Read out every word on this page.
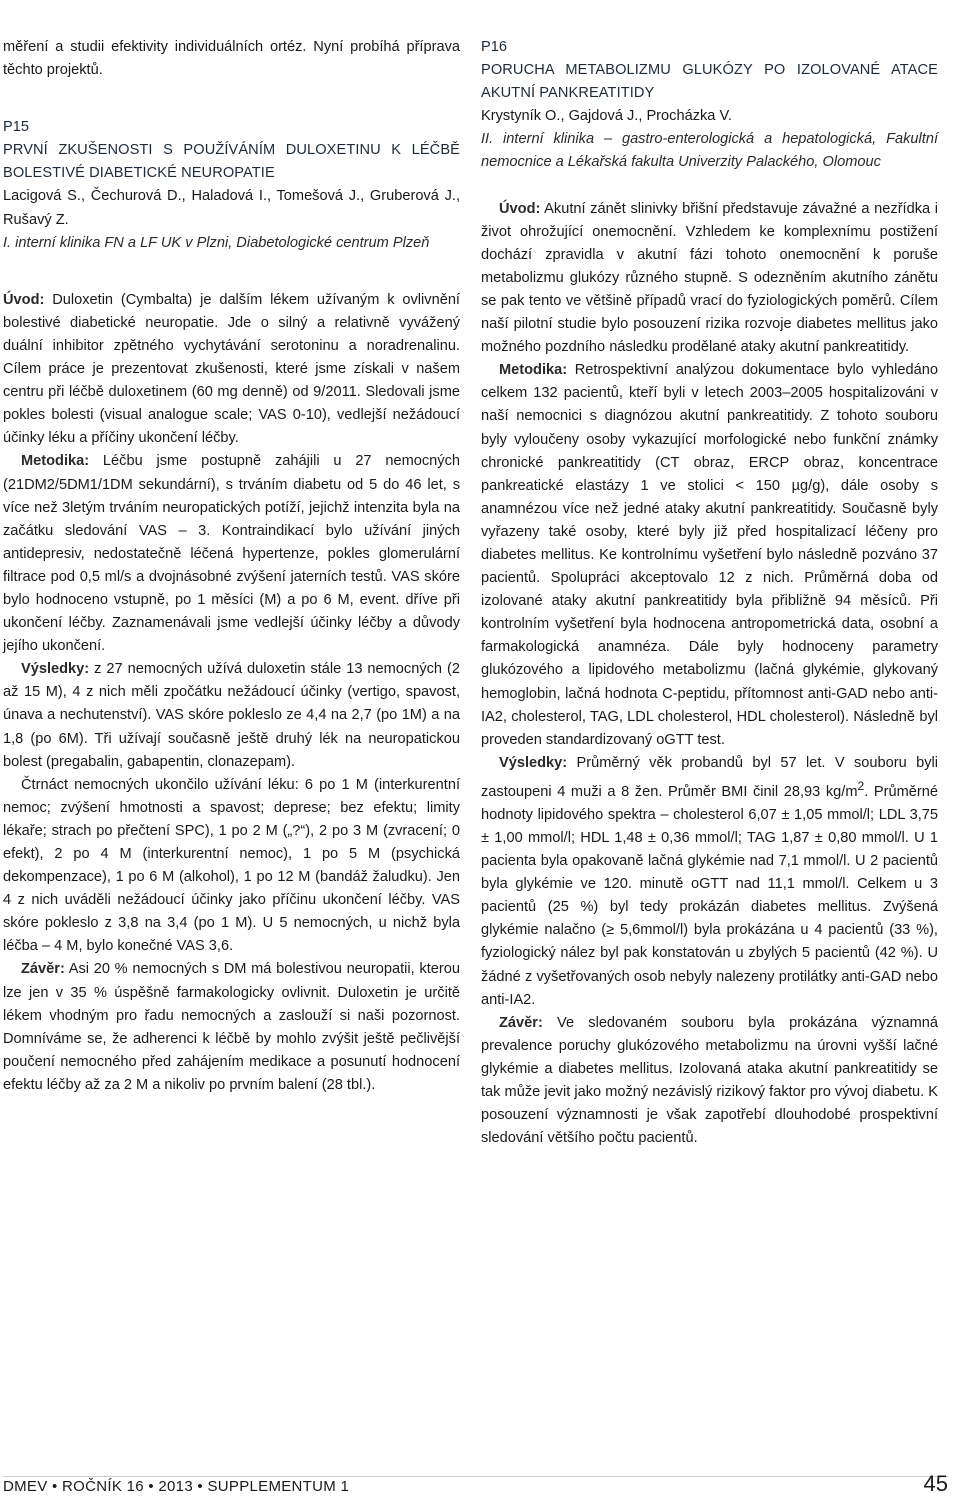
měření a studii efektivity individuálních ortéz. Nyní probíhá příprava těchto projektů.

P15

PRVNÍ ZKUŠENOSTI S POUŽÍVÁNÍM DULOXETINU K LÉČBĚ BOLESTIVÉ DIABETICKÉ NEUROPATIE

Lacigová S., Čechurová D., Haladová I., Tomešová J., Gruberová J., Rušavý Z.

I. interní klinika FN a LF UK v Plzni, Diabetologické centrum Plzeň

Úvod: Duloxetin (Cymbalta) je dalším lékem užívaným k ovlivnění bolestivé diabetické neuropatie. Jde o silný a relativně vyvážený duální inhibitor zpětného vychytávání serotoninu a noradrenalinu. Cílem práce je prezentovat zkušenosti, které jsme získali v našem centru při léčbě duloxetinem (60 mg denně) od 9/2011. Sledovali jsme pokles bolesti (visual analogue scale; VAS 0-10), vedlejší nežádoucí účinky léku a příčiny ukončení léčby.

Metodika: Léčbu jsme postupně zahájili u 27 nemocných (21DM2/5DM1/1DM sekundární), s trváním diabetu od 5 do 46 let, s více než 3letým trváním neuropatických potíží, jejichž intenzita byla na začátku sledování VAS – 3. Kontraindikací bylo užívání jiných antidepresiv, nedostatečně léčená hypertenze, pokles glomerulární filtrace pod 0,5 ml/s a dvojnásobné zvýšení jaterních testů. VAS skóre bylo hodnoceno vstupně, po 1 měsíci (M) a po 6 M, event. dříve při ukončení léčby. Zaznamenávali jsme vedlejší účinky léčby a důvody jejího ukončení.

Výsledky: z 27 nemocných užívá duloxetin stále 13 nemocných (2 až 15 M), 4 z nich měli zpočátku nežádoucí účinky (vertigo, spavost, únava a nechutenství). VAS skóre pokleslo ze 4,4 na 2,7 (po 1M) a na 1,8 (po 6M). Tři užívají současně ještě druhý lék na neuropatickou bolest (pregabalin, gabapentin, clonazepam).

Čtrnáct nemocných ukončilo užívání léku: 6 po 1 M (interkurentní nemoc; zvýšení hmotnosti a spavost; deprese; bez efektu; limity lékaře; strach po přečtení SPC), 1 po 2 M („?“), 2 po 3 M (zvracení; 0 efekt), 2 po 4 M (interkurentní nemoc), 1 po 5 M (psychická dekompenzace), 1 po 6 M (alkohol), 1 po 12 M (bandáž žaludku). Jen 4 z nich uváděli nežádoucí účinky jako příčinu ukončení léčby. VAS skóre pokleslo z 3,8 na 3,4 (po 1 M). U 5 nemocných, u nichž byla léčba – 4 M, bylo konečné VAS 3,6.

Závěr: Asi 20 % nemocných s DM má bolestivou neuropatii, kterou lze jen v 35 % úspěšně farmakologicky ovlivnit. Duloxetin je určitě lékem vhodným pro řadu nemocných a zaslouží si naši pozornost. Domníváme se, že adherenci k léčbě by mohlo zvýšit ještě pečlivější poučení nemocného před zahájením medikace a posunutí hodnocení efektu léčby až za 2 M a nikoliv po prvním balení (28 tbl.).

P16

PORUCHA METABOLIZMU GLUKÓZY PO IZOLOVANÉ ATACE AKUTNÍ PANKREATITIDY

Krystyník O., Gajdová J., Procházka V.

II. interní klinika – gastro-enterologická a hepatologická, Fakultní nemocnice a Lékařská fakulta Univerzity Palackého, Olomouc

Úvod: Akutní zánět slinivky břišní představuje závažné a nezřídka i život ohrožující onemocnění. Vzhledem ke komplexnímu postižení dochází zpravidla v akutní fázi tohoto onemocnění k poruše metabolizmu glukózy různého stupně. S odezněním akutního zánětu se pak tento ve většině případů vrací do fyziologických poměrů. Cílem naší pilotní studie bylo posouzení rizika rozvoje diabetes mellitus jako možného pozdního následku prodělané ataky akutní pankreatitidy.

Metodika: Retrospektivní analýzou dokumentace bylo vyhledáno celkem 132 pacientů, kteří byli v letech 2003–2005 hospitalizováni v naší nemocnici s diagnózou akutní pankreatitidy. Z tohoto souboru byly vyloučeny osoby vykazující morfologické nebo funkční známky chronické pankreatitidy (CT obraz, ERCP obraz, koncentrace pankreatické elastázy 1 ve stolici < 150 µg/g), dále osoby s anamnézou více než jedné ataky akutní pankreatitidy. Současně byly vyřazeny také osoby, které byly již před hospitalizací léčeny pro diabetes mellitus. Ke kontrolnímu vyšetření bylo následně pozváno 37 pacientů. Spolupráci akceptovalo 12 z nich. Průměrná doba od izolované ataky akutní pankreatitidy byla přibližně 94 měsíců. Při kontrolním vyšetření byla hodnocena antropometrická data, osobní a farmakologická anamnéza. Dále byly hodnoceny parametry glukózového a lipidového metabolizmu (lačná glykémie, glykovaný hemoglobin, lačná hodnota C-peptidu, přítomnost anti-GAD nebo anti-IA2, cholesterol, TAG, LDL cholesterol, HDL cholesterol). Následně byl proveden standardizovaný oGTT test.

Výsledky: Průměrný věk probandů byl 57 let. V souboru byli zastoupeni 4 muži a 8 žen. Průměr BMI činil 28,93 $kg/m^2$. Průměrné hodnoty lipidového spektra – cholesterol 6,07 ± 1,05 mmol/l; LDL 3,75 ± 1,00 mmol/l; HDL 1,48 ± 0,36 mmol/l; TAG 1,87 ± 0,80 mmol/l. U 1 pacienta byla opakovaně lačná glykémie nad 7,1 mmol/l. U 2 pacientů byla glykémie ve 120. minutě oGTT nad 11,1 mmol/l. Celkem u 3 pacientů (25 %) byl tedy prokázán diabetes mellitus. Zvýšená glykémie nalačno (≥ 5,6mmol/l) byla prokázána u 4 pacientů (33 %), fyziologický nález byl pak konstatován u zbylých 5 pacientů (42 %). U žádné z vyšetřovaných osob nebyly nalezeny protilátky anti-GAD nebo anti-IA2.

Závěr: Ve sledovaném souboru byla prokázána významná prevalence poruchy glukózového metabolizmu na úrovni vyšší lačné glykémie a diabetes mellitus. Izolovaná ataka akutní pankreatitidy se tak může jevit jako možný nezávislý rizikový faktor pro vývoj diabetu. K posouzení významnosti je však zapotřebí dlouhodobé prospektivní sledování většího počtu pacientů.

DMEV • ROČNÍK 16 • 2013 • SUPPLEMENTUM 1	45
